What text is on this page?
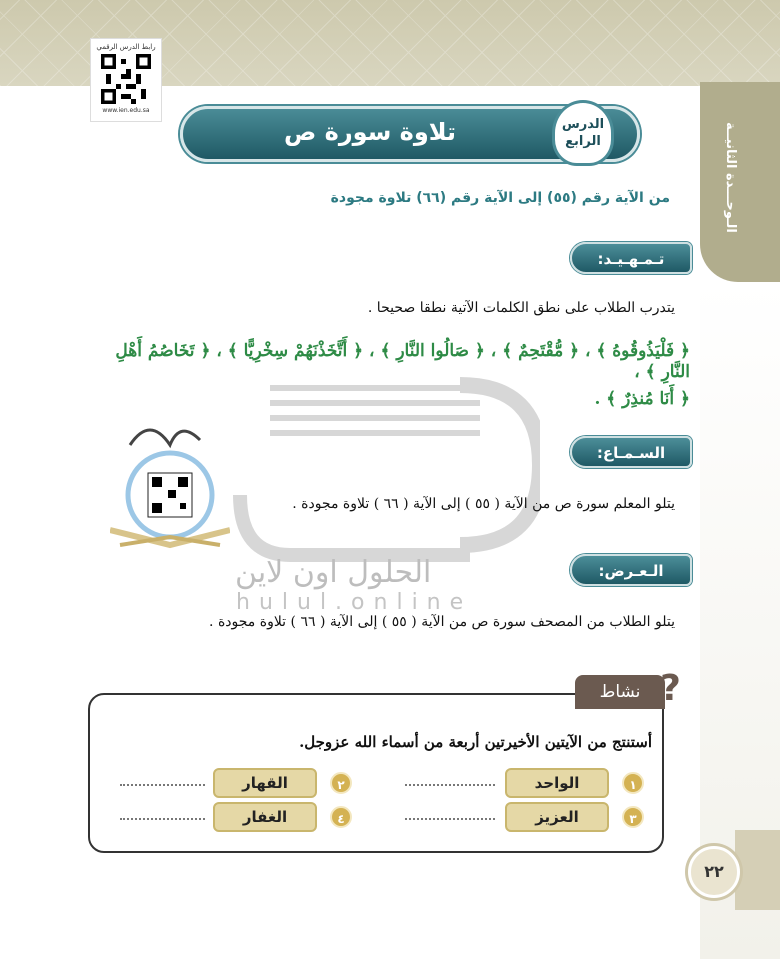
الـوحـــدة الثانيــة
رابط الدرس الرقمي
www.ien.edu.sa
تلاوة سورة ص	الدرس
الرابع
من الآية رقم (٥٥) إلى الآية رقم (٦٦) تلاوة مجودة
تـمـهـيـد:
يتدرب الطلاب على نطق الكلمات الآتية نطقا صحيحا .
﴿ فَلْيَذُوقُوهُ ﴾ ، ﴿ مُّقْتَحِمٌ ﴾ ، ﴿ صَالُوا النَّارِ ﴾ ، ﴿ أَتَّخَذْنَهُمْ سِخْرِيًّا ﴾ ، ﴿ تَخَاصُمُ أَهْلِ النَّارِ ﴾ ،
﴿ أَنَا مُنذِرٌ ﴾ .
الحلول اون لاين
hulul.online
السـمـاع:
يتلو المعلم سورة ص من الآية ( ٥٥ ) إلى الآية ( ٦٦ ) تلاوة مجودة .
الـعـرض:
يتلو الطلاب من المصحف سورة ص من الآية ( ٥٥ ) إلى الآية ( ٦٦ ) تلاوة مجودة .
نشاط ?
أستنتج من الآيتين الأخيرتين أربعة من أسماء الله عزوجل.
١
الواحد
٢
القهار
٣
العزيز
٤
الغفار
٢٢
